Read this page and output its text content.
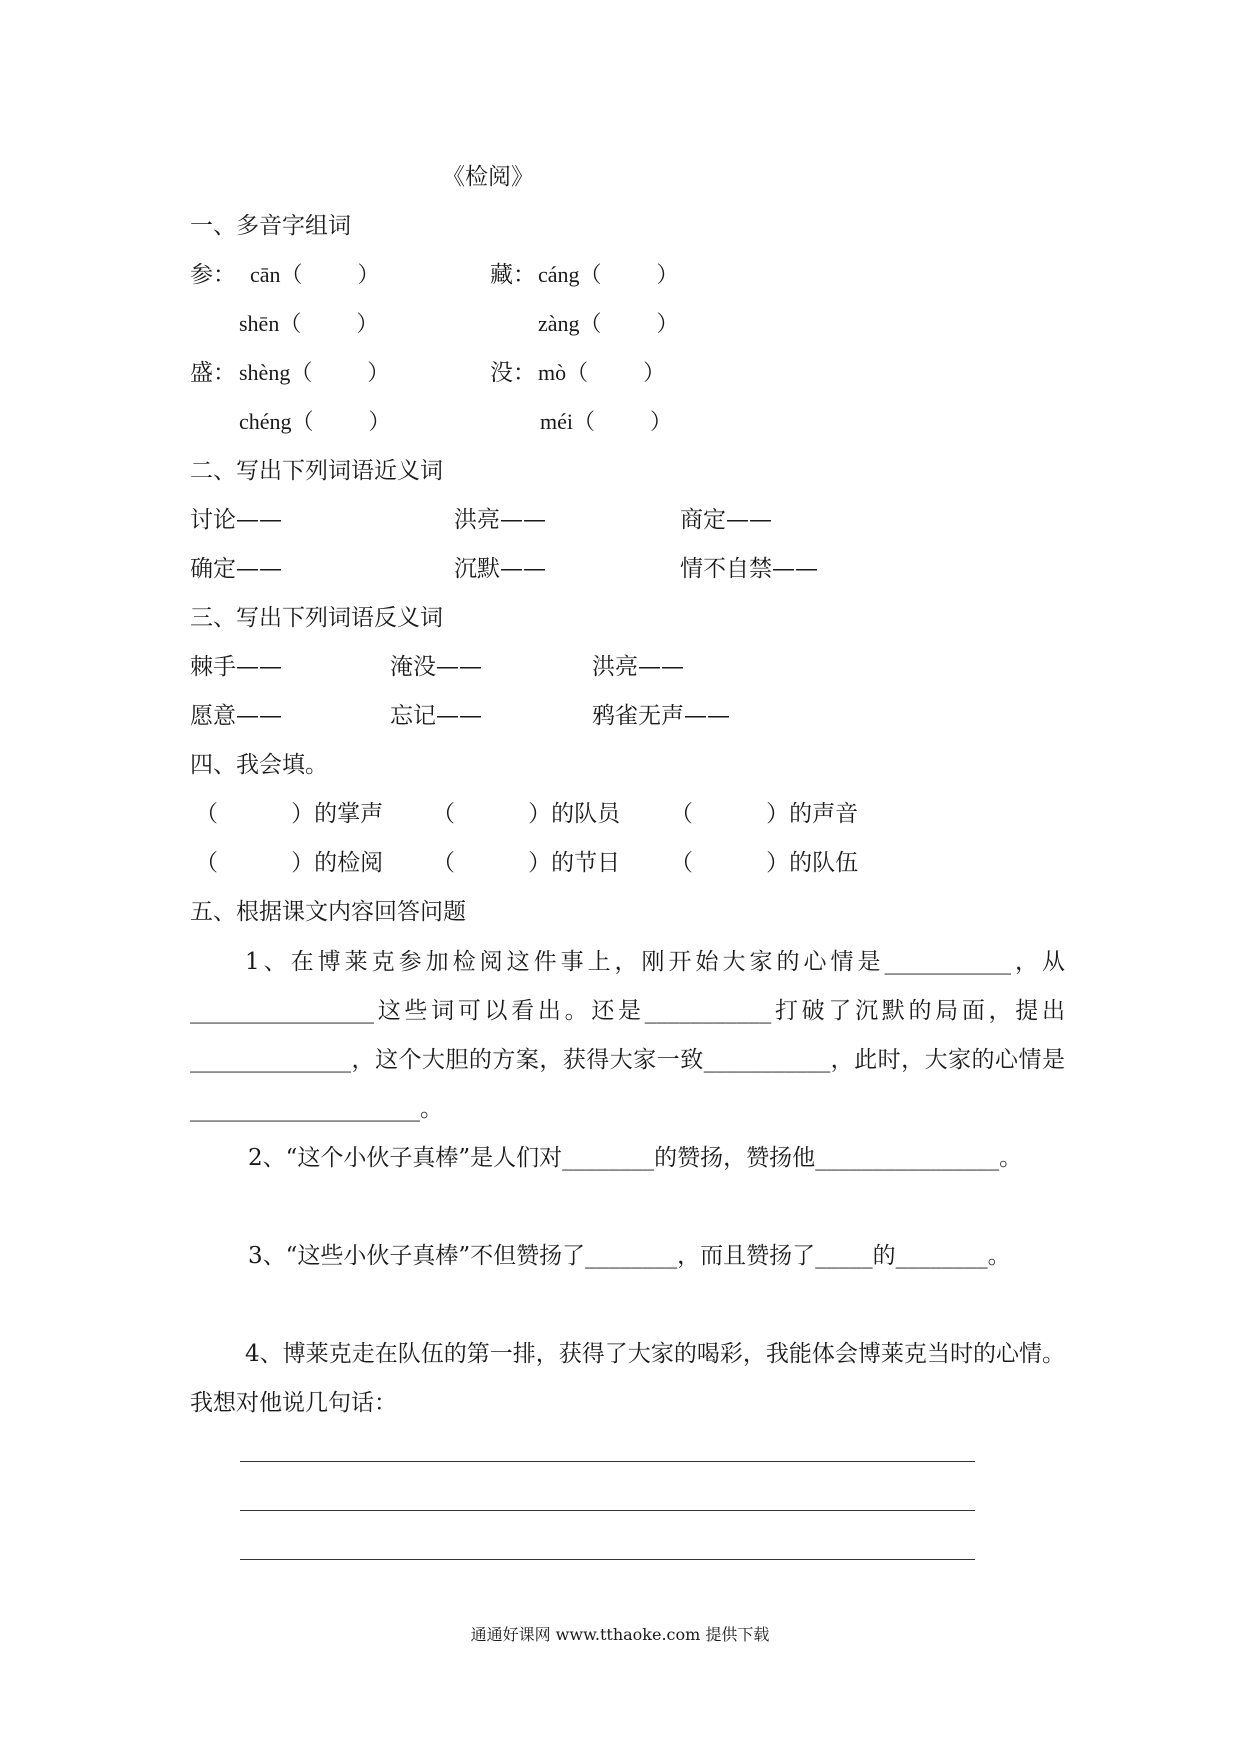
《检阅》
一、多音字组词
参： cān（          ）	藏： cáng（          ）
shēn（          ）	zàng（          ）
盛： shèng（          ）	没： mò（          ）
chéng（          ）	méi（          ）
二、写出下列词语近义词
讨论——	洪亮——	商定——
确定——	沉默——	情不自禁——
三、写出下列词语反义词
棘手——	淹没——	洪亮——
愿意——	忘记——	鸦雀无声——
四、我会填。
（          ）的掌声 （          ）的队员 （          ）的声音
（          ）的检阅 （          ）的节日 （          ）的队伍
五、根据课文内容回答问题
1、在博莱克参加检阅这件事上，刚开始大家的心情是___________，从________________这些词可以看出。还是___________打破了沉默的局面，提出______________，这个大胆的方案，获得大家一致___________，此时，大家的心情是____________________。
2、“这个小伙子真棒”是人们对________的赞扬，赞扬他________________。
3、“这些小伙子真棒”不但赞扬了________，而且赞扬了_____的________。
4、博莱克走在队伍的第一排，获得了大家的喝彩，我能体会博莱克当时的心情。我想对他说几句话：
通通好课网 www.tthaoke.com 提供下载
